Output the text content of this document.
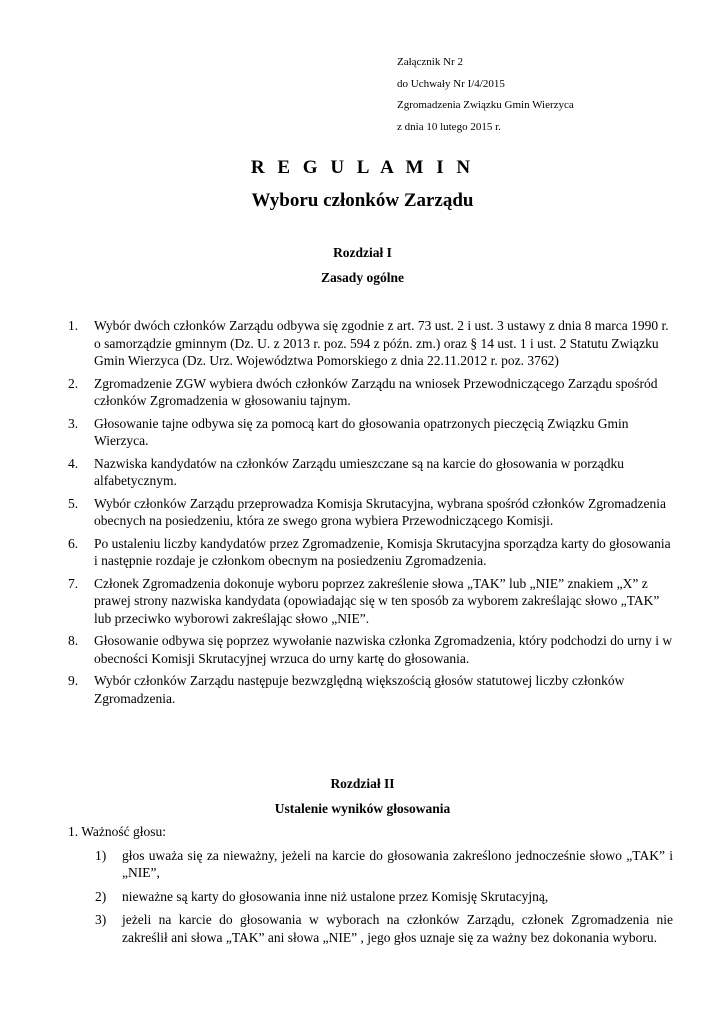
Załącznik Nr 2
do Uchwały Nr I/4/2015
Zgromadzenia Związku Gmin Wierzyca
z dnia 10 lutego 2015 r.
R E G U L A M I N
Wyboru członków Zarządu
Rozdział I
Zasady ogólne
1. Wybór dwóch członków Zarządu odbywa się zgodnie z art. 73 ust. 2 i ust. 3 ustawy z dnia 8 marca 1990 r. o samorządzie gminnym (Dz. U. z 2013 r. poz. 594 z późn. zm.) oraz § 14 ust. 1 i ust. 2 Statutu Związku Gmin Wierzyca (Dz. Urz. Województwa Pomorskiego z dnia 22.11.2012 r. poz. 3762)
2. Zgromadzenie ZGW wybiera dwóch członków Zarządu na wniosek Przewodniczącego Zarządu spośród członków Zgromadzenia w głosowaniu tajnym.
3. Głosowanie tajne odbywa się za pomocą kart do głosowania opatrzonych pieczęcią Związku Gmin Wierzyca.
4. Nazwiska kandydatów na członków Zarządu umieszczane są na karcie do głosowania w porządku alfabetycznym.
5. Wybór członków Zarządu przeprowadza Komisja Skrutacyjna, wybrana spośród członków Zgromadzenia obecnych na posiedzeniu, która ze swego grona wybiera Przewodniczącego Komisji.
6. Po ustaleniu liczby kandydatów przez Zgromadzenie, Komisja Skrutacyjna sporządza karty do głosowania i następnie rozdaje je członkom obecnym na posiedzeniu Zgromadzenia.
7. Członek Zgromadzenia dokonuje wyboru poprzez zakreślenie słowa „TAK” lub „NIE” znakiem „X” z prawej strony nazwiska kandydata (opowiadając się w ten sposób za wyborem zakreślając słowo „TAK” lub przeciwko wyborowi zakreślając słowo „NIE”.
8. Głosowanie odbywa się poprzez wywołanie nazwiska członka Zgromadzenia, który podchodzi do urny i w obecności Komisji Skrutacyjnej wrzuca do urny kartę do głosowania.
9. Wybór członków Zarządu następuje bezwzględną większością głosów statutowej liczby członków Zgromadzenia.
Rozdział II
Ustalenie wyników głosowania
1. Ważność głosu:
1) głos uważa się za nieważny, jeżeli na karcie do głosowania zakreślono jednocześnie słowo „TAK” i „NIE”,
2) nieważne są karty do głosowania inne niż ustalone przez Komisję Skrutacyjną,
3) jeżeli na karcie do głosowania w wyborach na członków Zarządu, członek Zgromadzenia nie zakreślił ani słowa „TAK” ani słowa „NIE” , jego głos uznaje się za ważny bez dokonania wyboru.
